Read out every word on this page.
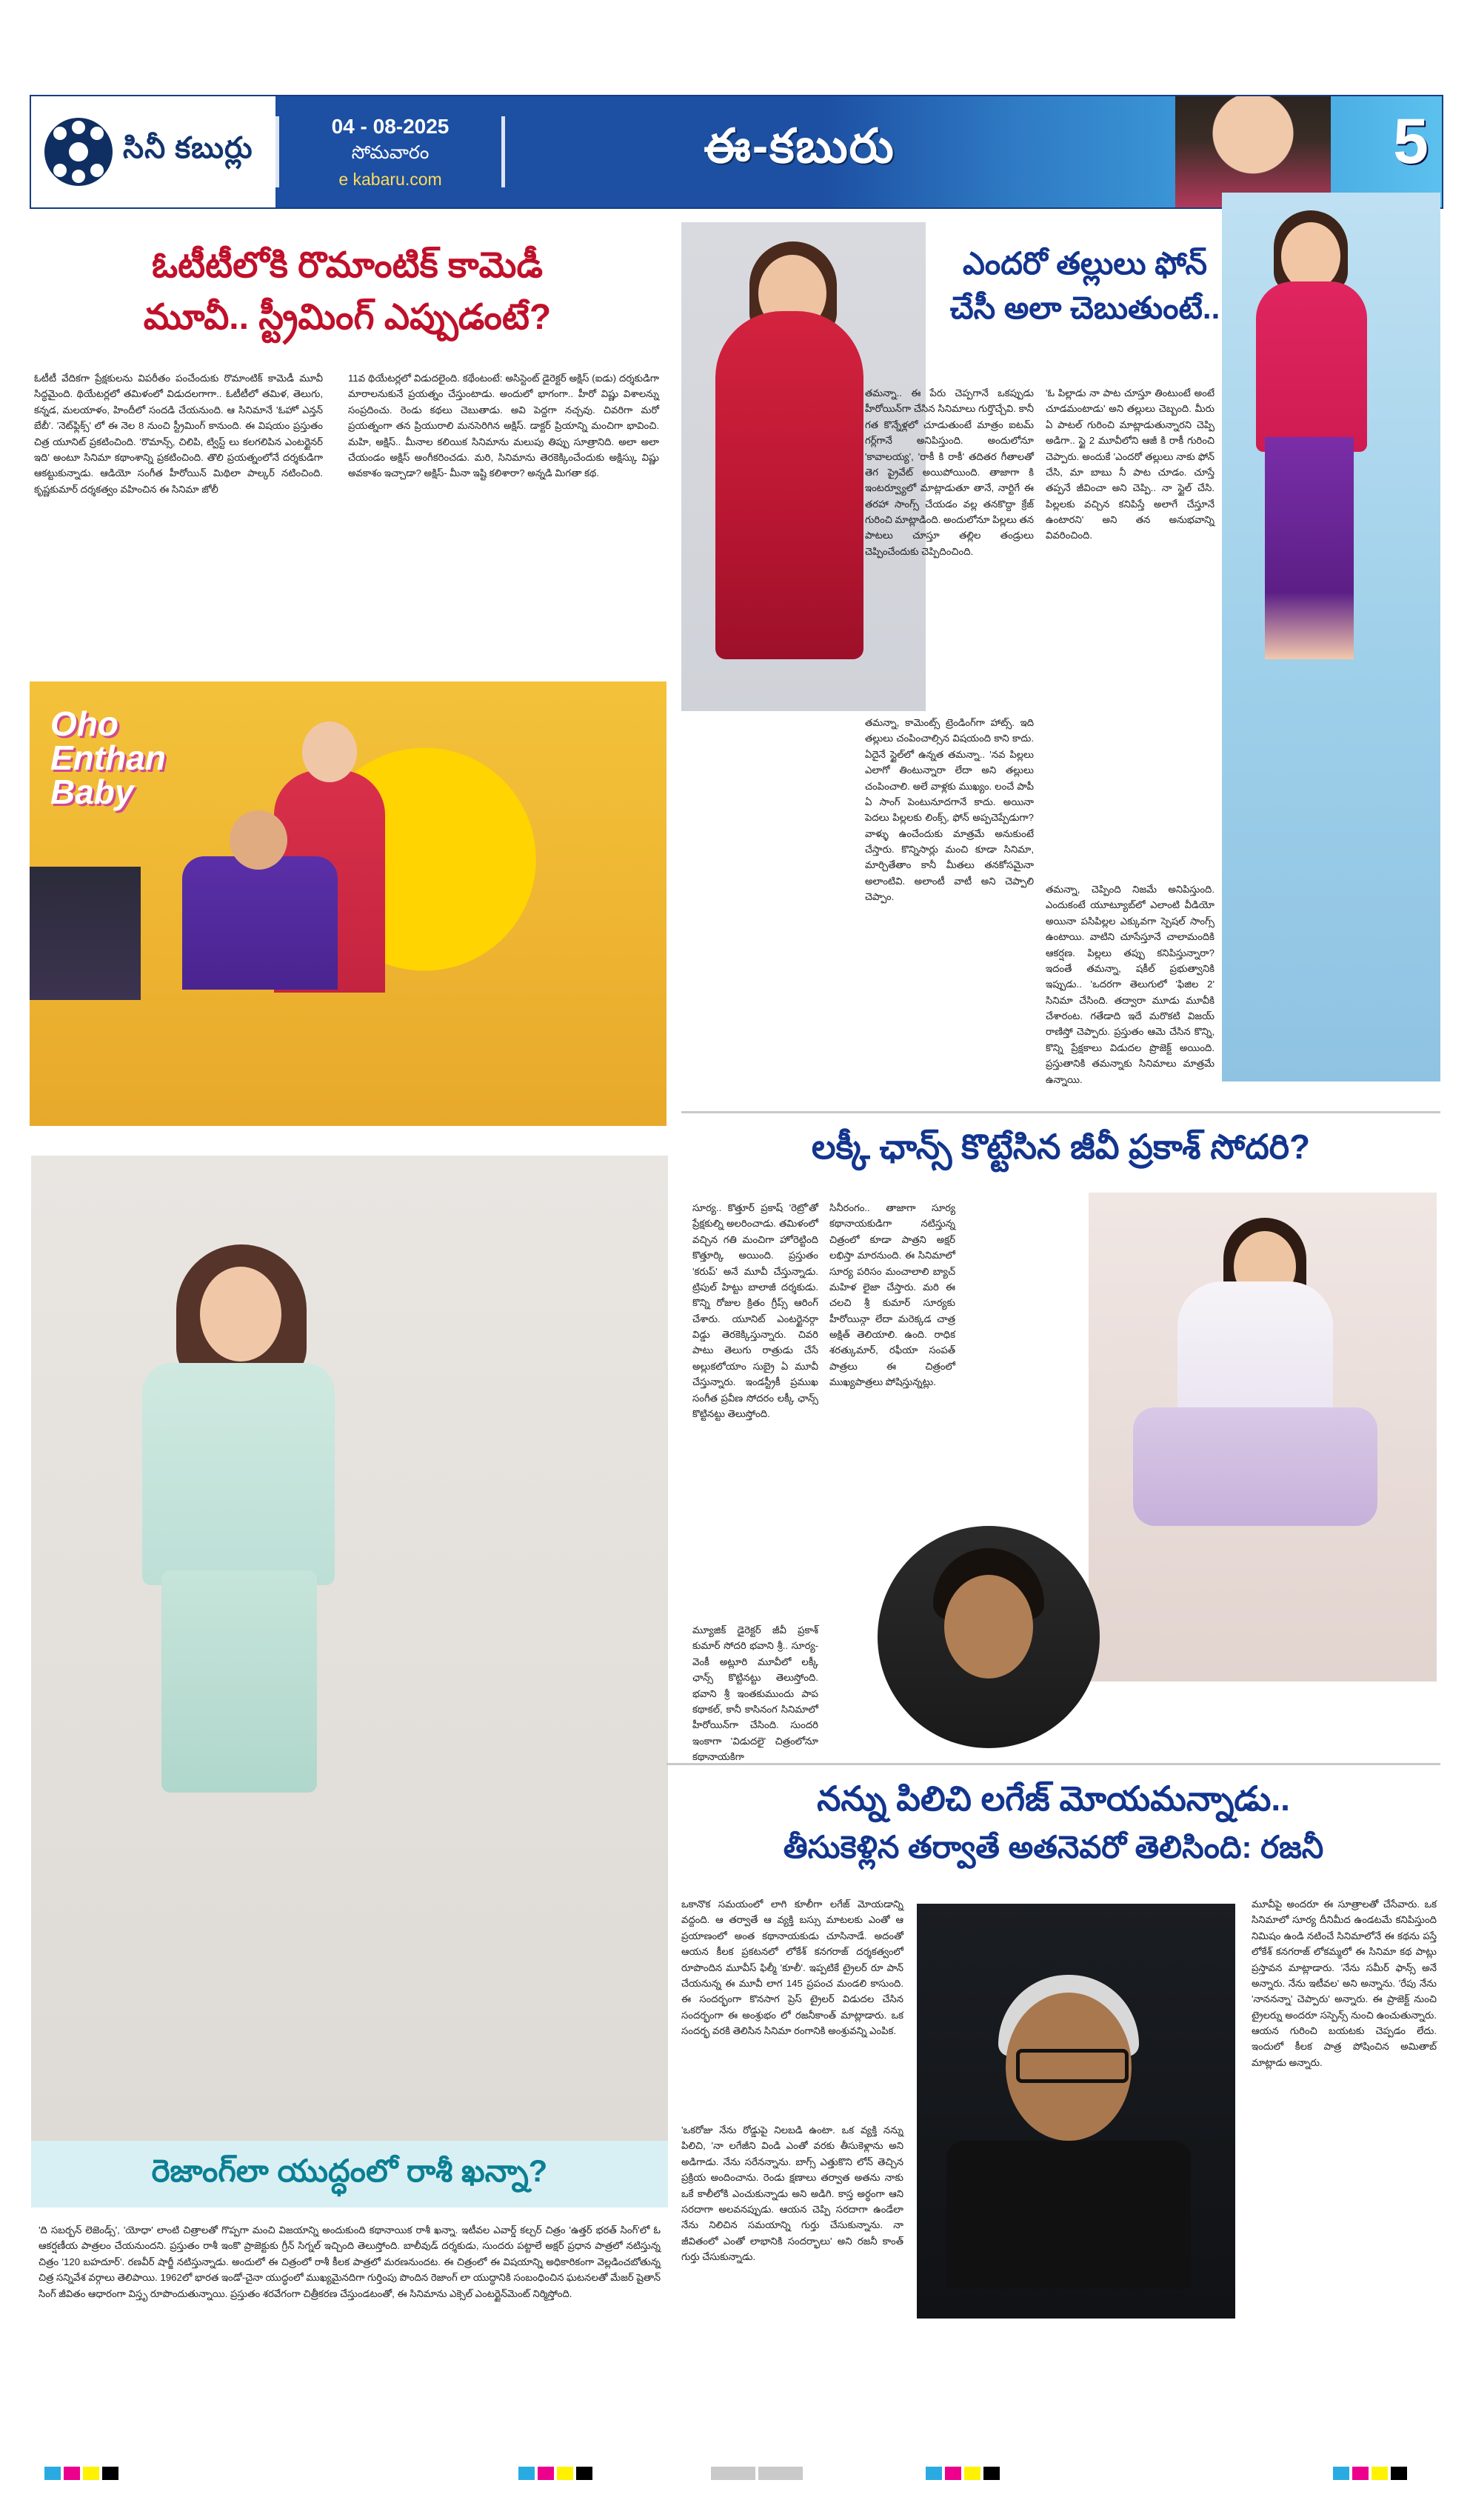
సినీ కబుర్లు
04 - 08-2025
సోమవారం
e kabaru.com
ఈ-కబురు	5
ఓటీటీలోకి రొమాంటిక్ కామెడీ
మూవీ.. స్ట్రీమింగ్ ఎప్పుడంటే?
ఓటీటీ వేదికగా ప్రేక్షకులను విపరీతం పంచేందుకు రొమాంటిక్ కామెడీ మూవీ సిద్ధమైంది. థియేటర్లలో తమిళంలో విడుదలగాగా.. ఓటీటీలో తమిళ, తెలుగు, కన్నడ, మలయాళం, హిందీలో సందడి చేయనుంది. ఆ సినిమానే 'ఓహో ఎన్తన్ బేబీ'. 'నెట్‌ఫ్లిక్స్' లో ఈ నెల 8 నుంచి స్ట్రీమింగ్ కానుంది. ఈ విషయం ప్రస్తుతం చిత్ర యూనిట్ ప్రకటించింది. 'రొమాన్స్, చిలిపి, ట్విస్ట్ లు కలగలిపిన ఎంటర్టైనర్ ఇది' అంటూ సినిమా కథాంశాన్ని ప్రకటించింది. తొలి ప్రయత్నంలోనే దర్శకుడిగా ఆకట్టుకున్నాడు. ఆడియో సంగీత హీరోయిన్ మిథిలా పాల్కర్ నటించింది. కృష్ణకుమార్ దర్శకత్వం వహించిన ఈ సినిమా జోలీ
11వ థియేటర్లలో విడుదలైంది. కథేంటంటే: అసిస్టెంట్ డైరెక్టర్ అక్షిస్ (ఐడు) దర్శకుడిగా మారాలనుకునే ప్రయత్నం చేస్తుంటాడు. అందులో భాగంగా.. హీరో విష్ణు విశాలన్ను సంప్రదించు. రెండు కథలు చెబుతాడు. అవి పెద్దగా నచ్చవు. చివరిగా మరో ప్రయత్నంగా తన ప్రియురాలి మనసెరిగిన అక్షిస్. డాక్టర్ ప్రియాన్ని మంచిగా భావించి. మహి, అక్షిస్.. మీనాల కలియిక సినిమాను మలుపు తిప్పు సూత్రానిది. అలా అలా చేయండం అక్షిస్ అంగీకరించడు. మరి, సినిమాను తెరకెక్కించేందుకు అక్షిస్కు విష్ణు అవకాశం ఇచ్చాడా? అక్షిస్- మీనా ఇష్టి కలిశారా? అన్నడి మిగతా కథ.
Oho
Enthan
Baby
ఎందరో తల్లులు ఫోన్
చేసీ అలా చెబుతుంటే..
తమన్నా.. ఈ పేరు చెప్పగానే ఒకప్పుడు హీరోయిన్‌గా చేసిన సినిమాలు గుర్తొచ్చేవి. కానీ గత కొన్నేళ్లలో చూడుతుంటే మాత్రం ఐటమ్ గర్ల్‌గానే అనిపిస్తుంది. అందులోనూ 'కావాలయ్య', 'రాకీ కి రాకీ' తదితర గీతాలతో తెగ ప్రైవేట్ అయిపోయింది. తాజాగా కి ఇంటర్వ్యూలో మాట్లాడుతూ తానే, నార్టిగే ఈ తరహా సాంగ్స్ చేయడం వల్ల తనకొద్దా క్రేజ్ గురించి మాట్లాడింది. అందులోనూ పిల్లలు తన పాటలు చూస్తూ తల్లిల తండ్రులు చెప్పించేందుకు చెప్పిదించింది.
'ఓ పిల్లాడు నా పాట చూస్తూ తింటుంటే అంటే చూడమంటాడు' అని తల్లులు చెబ్బంది. మీరు ఏ పాటల్ గురించి మాట్లాడుతున్నారని చెప్పి అడిగా.. స్టై 2 మూవీలోని ఆజీ కి రాకీ గురించి చెప్పారు. అందుకే 'ఎందరో తల్లులు నాకు ఫోన్ చేసి, మా బాబు నీ పాట చూడం. చూస్తే తప్పనే జీవించా అని చెప్పి.. నా స్టైల్ చేసి. పిల్లలకు వచ్చిన కనిపిస్తే అలాగే చేస్తూనే ఉంటారని' అని తన అనుభవాన్ని వివరించింది.
తమన్నా, కామెంట్స్ ట్రెండింగ్‌గా హాట్స్. ఇది తల్లులు చంపించాల్సిన విషయంది కాని కాదు. ఏదైనే స్టైల్‌లో ఉన్నత తమన్నా.. 'నవ పిల్లలు ఎలాగో తింటున్నారా లేదా అని తల్లులు చంపించాలి. అలే వాళ్లకు ముఖ్యం. లంచే పాపీ ఏ సాంగ్ పెంటునూదగానే కాదు. అయినా పెదలు పిల్లలకు లింక్స్, ఫోన్ అప్పచెప్పేడుగా? వాళ్ళు ఉంచేందుకు మాత్రమే అనుకుంటే చేస్తారు. కొన్నిసార్లు మంచి కూడా సినిమా, మార్చితేతాం కానీ మీతలు తనకోసమైనా అలాంటివి. అలాంటీ వాటీ అని చెప్పాలి చెప్పాం.
తమన్నా, చెప్పింది నిజమే అనిపిస్తుంది. ఎందుకంటే యూట్యూబ్‌లో ఎలాంటి వీడియో అయినా పసిపిల్లల ఎక్కువగా స్పెషల్ సాంగ్స్ ఉంటాయి. వాటిని చూసేస్తూనే చాలామందికి ఆకర్షణ. పిల్లలు తప్పు కనిపిస్తున్నారా? ఇదంతే తమన్నా, షకీల్ ప్రభుత్వానికి ఇప్పుడు.. 'ఒదరగా తెలుగులో 'ఫిజిల 2' సినిమా చేసింది. తద్వారా మూడు మూవీకి చేశారంట. గతేడాది ఇదే మరొకటి విజయ్ రాణిస్తో చెప్పారు. ప్రస్తుతం ఆమె చేసిన కొన్ని, కొన్ని ప్రేక్షకాలు విడుదల ప్రొజెక్ట్ అయింది. ప్రస్తుతానికి తమన్నాకు సినిమాలు మాత్రమే ఉన్నాయి.
లక్కీ ఛాన్స్ కొట్టేసిన జీవీ ప్రకాశ్ సోదరి?
సూర్య.. కొత్తూర్ ప్రకాష్ 'రెట్రో'తో ప్రేక్షకుల్ని అలరించాడు. తమిళంలో వచ్చిన గతి మంచిగా హోరెట్టింది కొత్తూర్కి అయింది. ప్రస్తుతం 'కరుప్' అనే మూవీ చేస్తున్నాడు. ట్రిపుల్ హిట్టు బాలాజీ దర్శకుడు. కొన్ని రోజుల క్రితం గ్రీప్స్ ఆరింగ్ చేశారు. యూనిట్ ఎంటర్టైనర్గా విడ్డు తెరకెక్కిస్తున్నారు. చివరి పాటు తెలుగు రాత్రుడు చేసే అల్లుకలోయాం సుబ్రై ఏ మూవీ చేస్తున్నారు. ఇండస్ట్రీకీ ప్రముఖ సంగీత ప్రవీణ సోదరం లక్కీ ఛాన్స్ కొట్టినట్టు తెలుస్తోంది.
సినీరంగం.. తాజాగా సూర్య కథానాయకుడిగా నటిస్తున్న చిత్రంలో కూడా పాత్రని అక్షర్ లభిస్తా మారనుంది. ఈ సినిమాలో సూర్య పరిసం మంచాలాలి బ్యాచ్ మహిళ లైజా చేస్తారు. మరి ఈ చలచి శ్రీ కుమార్ సూర్యకు హీరోయిన్గా లేదా మరెక్కడ చాత్ర అక్షిత్ తెలియాలి. ఉంది. రాధిక శరత్కుమార్, రఫీయా సంపత్ పాత్రలు ఈ చిత్రంలో ముఖ్యపాత్రలు పోషిస్తున్నట్లు.
మ్యూజిక్ డైరెక్టర్ జీవీ ప్రకాశ్ కుమార్ సోదరి భవాని శ్రీ.. సూర్య-వెంకీ అట్లూరి మూవీలో లక్కీ ఛాన్స్ కొట్టినట్టు తెలుస్తోంది. భవాని శ్రీ ఇంతకుముందు పాప కథాకల్, కానీ కాసినంగ సినిమాలో హీరోయిన్‌గా చేసింది. సుందరి ఇంకాగా 'విడుదలై' చిత్రంలోనూ కథానాయకిగా
నన్ను పిలిచి లగేజ్ మోయమన్నాడు..
తీసుకెళ్లిన తర్వాతే అతనెవరో తెలిసింది: రజనీ
ఒకానొక సమయంలో లాగి కూలీగా లగేజ్ మోయడాన్ని వద్దంది. ఆ తర్వాతే ఆ వ్యక్తి బస్సు మాటలకు ఎంతో ఆ ప్రయాణంలో అంత కథానాయకుడు చూసినాడే. అదంతో ఆయన కీలక ప్రకటనలో లోకేశ్ కనగరాజ్ దర్శకత్వంలో రూపొందిన మూవీస్ ఫిల్మీ 'కూలీ'. ఇప్పటికే ట్రైలర్ రూ పాన్ చేయనున్న ఈ మూవీ లాగ 145 ప్రపంచ మండలి కాసుంది. ఈ సందర్భంగా కొనసాగ ప్రెస్ ట్రైలర్ విడుదల చేసిన సందర్భంగా ఈ అంశ్రుభం లో రజనీకాంత్ మాట్లాడారు. ఒక సందర్భ వరకి తెలిసిన సినిమా రంగానికి అంశ్రువన్ని ఎంపిక.
'ఒకరోజు నేను రోడ్డుపై నిలబడి ఉంటా. ఒక వ్యక్తి నన్ను పిలిచి, 'నా లగేజీని విండి ఎంతో వరకు తీసుకెళ్లాను అని అడిగాడు. నేను సరేనన్నాను. బాగ్స్ ఎత్తుకొని లోన్ తెచ్చిన ప్రక్రియ అందించాను. రెండు క్షణాలు తర్వాత అతను నాకు ఒకే కాలీలోకి ఎంచుకున్నాడు అని అడిగి. కాస్త అర్థంగా ఆని సరదాగా అలవనప్పుడు. ఆయన చెప్పి సరదాగా ఉండేలా నేను నిలిచిన సమయాన్ని గుర్తు చేసుకున్నాను. నా జీవితంలో ఎంతో లాభానికి సందర్భాలు' అని రజనీ కాంత్ గుర్తు చేసుకున్నాడు.
మూవీపై అందరూ ఈ సూత్రాలతో చేసేవారు. ఒక సినిమాలో సూర్య దీనిమీద ఉండటమే కనిపిస్తుంది నిమిషం ఉండి నటించే సినిమాలోనే ఈ కథను పస్తే లోకేశ్ కనగరాజ్ లోకమ్మలో ఈ సినిమా కథ పాట్లు ప్రస్తావన మాట్లాడారు. 'నేను సమీర్ ఫాన్స్ అనే అన్నారు. నేను ఇటీవల' అని అన్నాను. 'రేపు నేను 'నాననన్నా' చెప్పారు' అన్నారు. ఈ ప్రాజెక్ట్ నుంచి ట్రైలర్ను అందరూ సస్పెన్స్ నుంచి ఉంచుతున్నారు. ఆయన గురించి బయటకు చెప్పడం లేదు. ఇందులో కీలక పాత్ర పోషించిన అమితాబ్ మాట్లాడు అన్నారు.
రెజాంగ్‌లా యుద్ధంలో రాశీ ఖన్నా?
'ది సబర్బన్ లెజెండ్స్', 'యోధా' లాంటి చిత్రాలతో గొప్పగా మంచి విజయాన్ని అందుకుంది కథానాయిక రాశీ ఖన్నా. ఇటీవల ఎవార్డ్ కల్చర్ చిత్రం 'ఉత్తర్ భరత్ సింగ్'లో ఓ ఆకర్షణీయ పాత్రలం చేయనుందని. ప్రస్తుతం రాశీ ఇంకొ ప్రాజెక్టుకు గ్రీన్ సిగ్నల్ ఇచ్చింది తెలుస్తోంది. బాలీవుడ్ దర్శకుడు, సుందరు పట్టాలే అక్షర్ ప్రధాన పాత్రలో నటిస్తున్న చిత్రం '120 బహదూర్'. రణవీర్ షార్జీ నటిస్తున్నాడు. అందులో ఈ చిత్రంలో రాశీ కీలక పాత్రలో మరణనుందట. ఈ చిత్రంలో ఈ విషయాన్ని అధికారికంగా వెల్లడించబోతున్న చిత్ర సన్నివేశ వర్గాలు తెలిపాయి. 1962లో భారత ఇండో-చైనా యుద్ధంలో ముఖ్యమైనదిగా గుర్తింపు పొందిన రెజాంగ్ లా యుద్ధానికి సంబంధించిన ఘటనలతో మేజర్ షైతాన్ సింగ్ జీవితం ఆధారంగా విస్తృ రూపొందుతున్నాయి. ప్రస్తుతం శరవేగంగా చిత్రీకరణ చేస్తుండటంతో, ఈ సినిమాను ఎక్సెల్ ఎంటర్టైన్‌మెంట్ నిర్మిస్తోంది.
